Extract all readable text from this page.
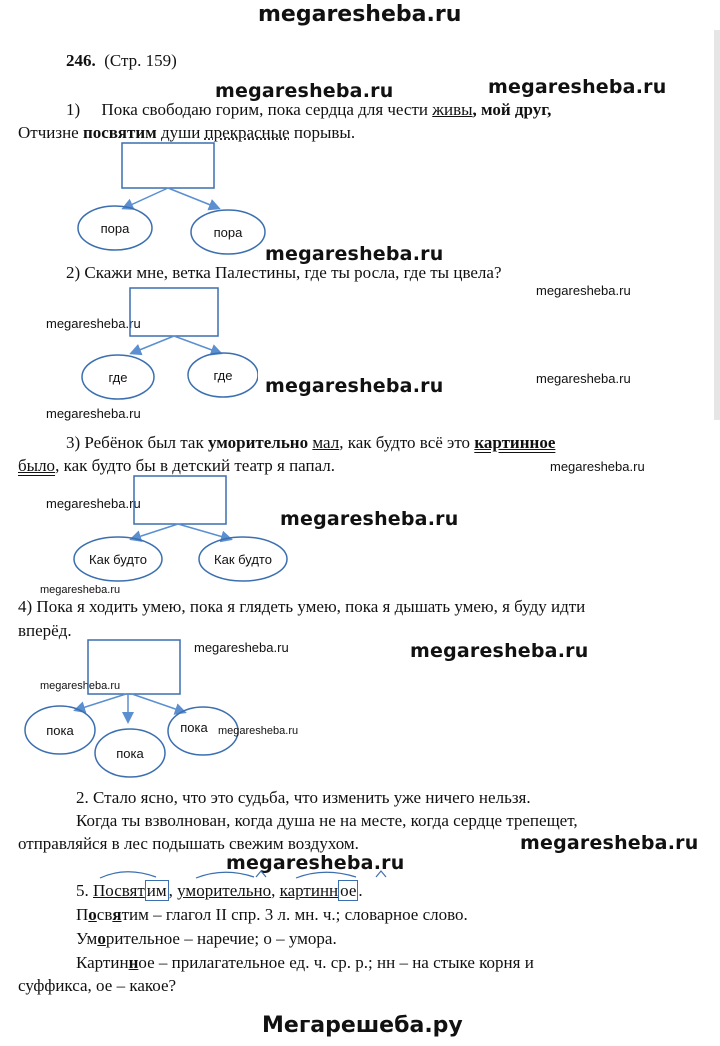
megaresheba.ru
246. (Стр. 159)
megaresheba.ru	megaresheba.ru
1) Пока свободаю горим, пока сердца для чести живы, мой друг,
Отчизне посвятим души прекрасные порывы.
пора	пора
megaresheba.ru
2) Скажи мне, ветка Палестины, где ты росла, где ты цвела?
megaresheba.ru
megaresheba.ru
где	где megaresheba.ru	megaresheba.ru
megaresheba.ru
3) Ребёнок был так уморительно мал, как будто всё это картинное
было, как будто бы в детский театр я папал.	megaresheba.ru
megaresheba.ru
Как будто	Как будто
megaresheba.ru
megaresheba.ru
4) Пока я ходить умею, пока я глядеть умею, пока я дышать умею, я буду идти
вперёд.
megaresheba.ru	megaresheba.ru
megaresheba.ru
пока
пока
пока megaresheba.ru
2. Стало ясно, что это судьба, что изменить уже ничего нельзя.
Когда ты взволнован, когда душа не на месте, когда сердце трепещет,
отправляйся в лес подышать свежим воздухом.	megaresheba.ru
megaresheba.ru
5. Посвят им , уморительно, картинн ое .
Посвятим – глагол II спр. 3 л. мн. ч.; словарное слово.
Уморительное – наречие; о – умора.
Картинное – прилагательное ед. ч. ср. р.; нн – на стыке корня и
суффикса, ое – какое?
Мегарешеба.ру
